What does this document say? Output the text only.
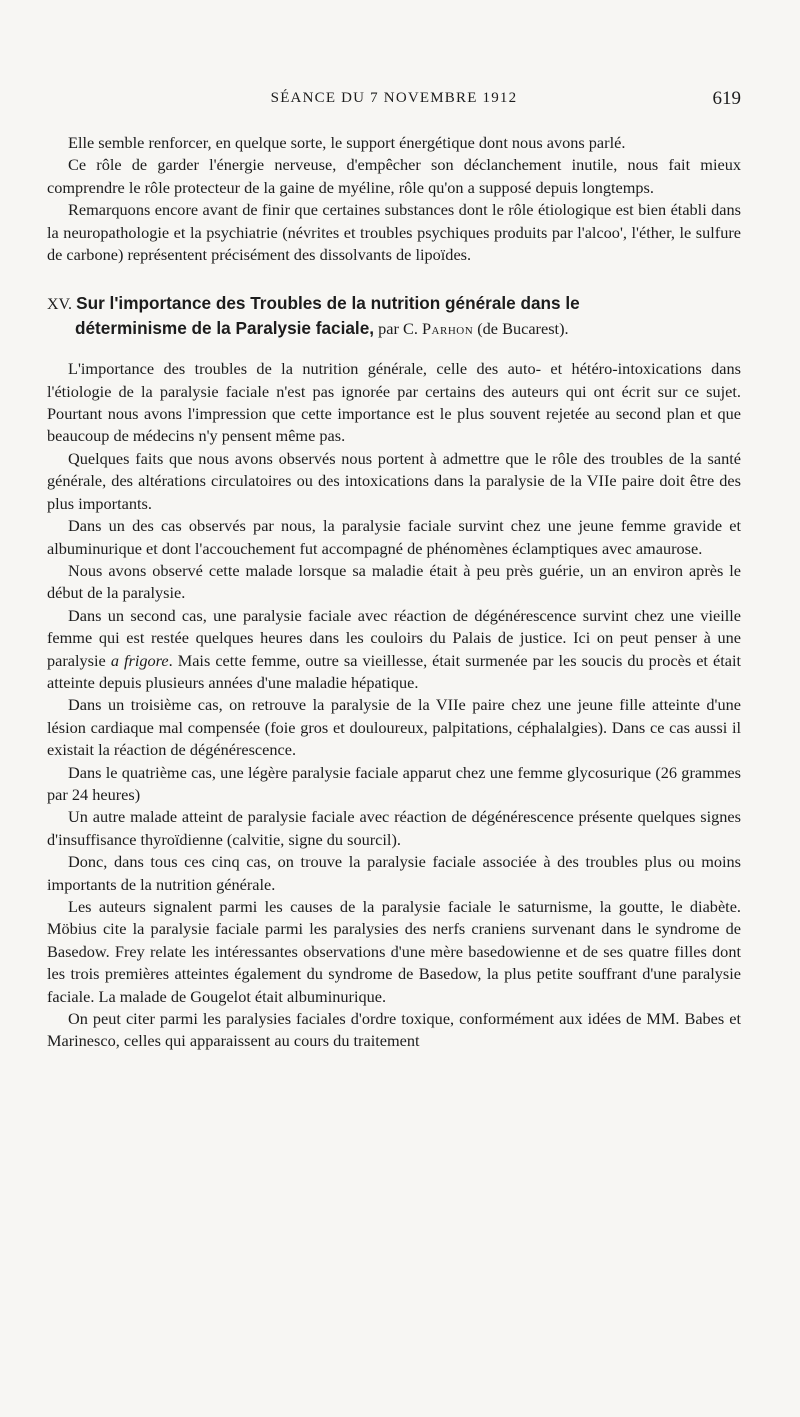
SÉANCE DU 7 NOVEMBRE 1912	619

Elle semble renforcer, en quelque sorte, le support énergétique dont nous avons parlé.

Ce rôle de garder l'énergie nerveuse, d'empêcher son déclanchement inutile, nous fait mieux comprendre le rôle protecteur de la gaine de myéline, rôle qu'on a supposé depuis longtemps.

Remarquons encore avant de finir que certaines substances dont le rôle étiologique est bien établi dans la neuropathologie et la psychiatrie (névrites et troubles psychiques produits par l'alcoo', l'éther, le sulfure de carbone) représentent précisément des dissolvants de lipoïdes.

XV. Sur l'importance des Troubles de la nutrition générale dans le
déterminisme de la Paralysie faciale, par C. Parhon (de Bucarest).

L'importance des troubles de la nutrition générale, celle des auto- et hétéro-intoxications dans l'étiologie de la paralysie faciale n'est pas ignorée par certains des auteurs qui ont écrit sur ce sujet. Pourtant nous avons l'impression que cette importance est le plus souvent rejetée au second plan et que beaucoup de médecins n'y pensent même pas.

Quelques faits que nous avons observés nous portent à admettre que le rôle des troubles de la santé générale, des altérations circulatoires ou des intoxications dans la paralysie de la VIIe paire doit être des plus importants.

Dans un des cas observés par nous, la paralysie faciale survint chez une jeune femme gravide et albuminurique et dont l'accouchement fut accompagné de phénomènes éclamptiques avec amaurose.

Nous avons observé cette malade lorsque sa maladie était à peu près guérie, un an environ après le début de la paralysie.

Dans un second cas, une paralysie faciale avec réaction de dégénérescence survint chez une vieille femme qui est restée quelques heures dans les couloirs du Palais de justice. Ici on peut penser à une paralysie a frigore. Mais cette femme, outre sa vieillesse, était surmenée par les soucis du procès et était atteinte depuis plusieurs années d'une maladie hépatique.

Dans un troisième cas, on retrouve la paralysie de la VIIe paire chez une jeune fille atteinte d'une lésion cardiaque mal compensée (foie gros et douloureux, palpitations, céphalalgies). Dans ce cas aussi il existait la réaction de dégénérescence.

Dans le quatrième cas, une légère paralysie faciale apparut chez une femme glycosurique (26 grammes par 24 heures)

Un autre malade atteint de paralysie faciale avec réaction de dégénérescence présente quelques signes d'insuffisance thyroïdienne (calvitie, signe du sourcil).

Donc, dans tous ces cinq cas, on trouve la paralysie faciale associée à des troubles plus ou moins importants de la nutrition générale.

Les auteurs signalent parmi les causes de la paralysie faciale le saturnisme, la goutte, le diabète. Möbius cite la paralysie faciale parmi les paralysies des nerfs craniens survenant dans le syndrome de Basedow. Frey relate les intéressantes observations d'une mère basedowienne et de ses quatre filles dont les trois premières atteintes également du syndrome de Basedow, la plus petite souffrant d'une paralysie faciale. La malade de Gougelot était albuminurique.

On peut citer parmi les paralysies faciales d'ordre toxique, conformément aux idées de MM. Babes et Marinesco, celles qui apparaissent au cours du traitement
